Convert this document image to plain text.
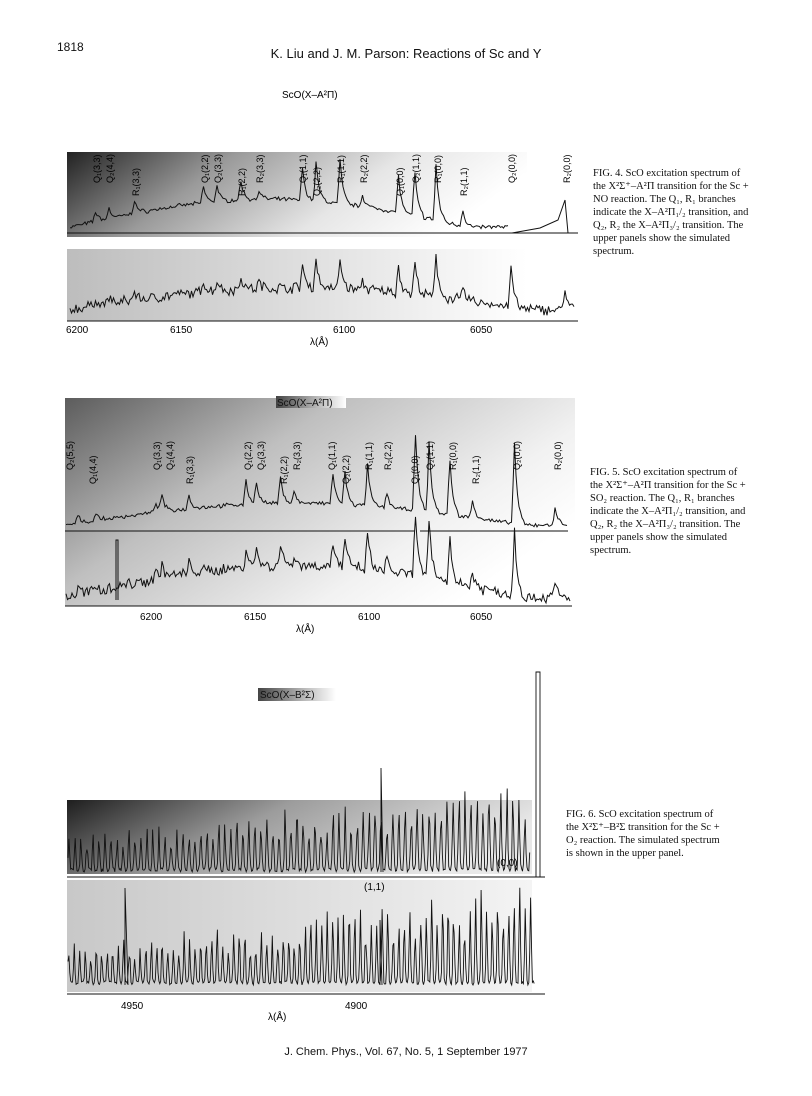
1818	K. Liu and J. M. Parson: Reactions of Sc and Y
ScO(X–A²Π)
Q₁(3,3) Q₂(4,4) R₁(3,3)	Q₁(2,2) Q₂(3,3) R₁(2,2) R₂(3,3)	Q₁(1,1) Q₂(2,2) R₁(1,1) R₂(2,2)	Q₁(0,0) Q₂(1,1) R₁(0,0) R₂(1,1)	Q₂(0,0)	R₂(0,0)
6200	6150	6100	6050
λ(Å)
ScO(X–A²Π)
Q₂(5,5) Q₁(4,4)	Q₁(3,3) Q₂(4,4) R₁(3,3)	Q₁(2,2) Q₂(3,3) R₁(2,2) R₂(3,3)	Q₁(1,1) Q₂(2,2) R₁(1,1) R₂(2,2) Q₁(0,0) Q₂(1,1) R₁(0,0) R₂(1,1)	Q₂(0,0)	R₂(0,0)
6200	6150	6100	6050
λ(Å)
ScO(X–B²Σ)
(0,0)
(1,1)
4950	4900
λ(Å)
FIG. 4. ScO excitation spectrum of the X²Σ⁺–A²Π transition for the Sc + NO reaction. The Q₁, R₁ branches indicate the X–A²Π₁/₂ transition, and Q₂, R₂ the X–A²Π₃/₂ transition. The upper panels show the simulated spectrum.
FIG. 5. ScO excitation spectrum of the X²Σ⁺–A²Π transition for the Sc + SO₂ reaction. The Q₁, R₁ branches indicate the X–A²Π₁/₂ transition, and Q₂, R₂ the X–A²Π₃/₂ transition. The upper panels show the simulated spectrum.
FIG. 6. ScO excitation spectrum of the X²Σ⁺–B²Σ transition for the Sc + O₂ reaction. The simulated spectrum is shown in the upper panel.
J. Chem. Phys., Vol. 67, No. 5, 1 September 1977
